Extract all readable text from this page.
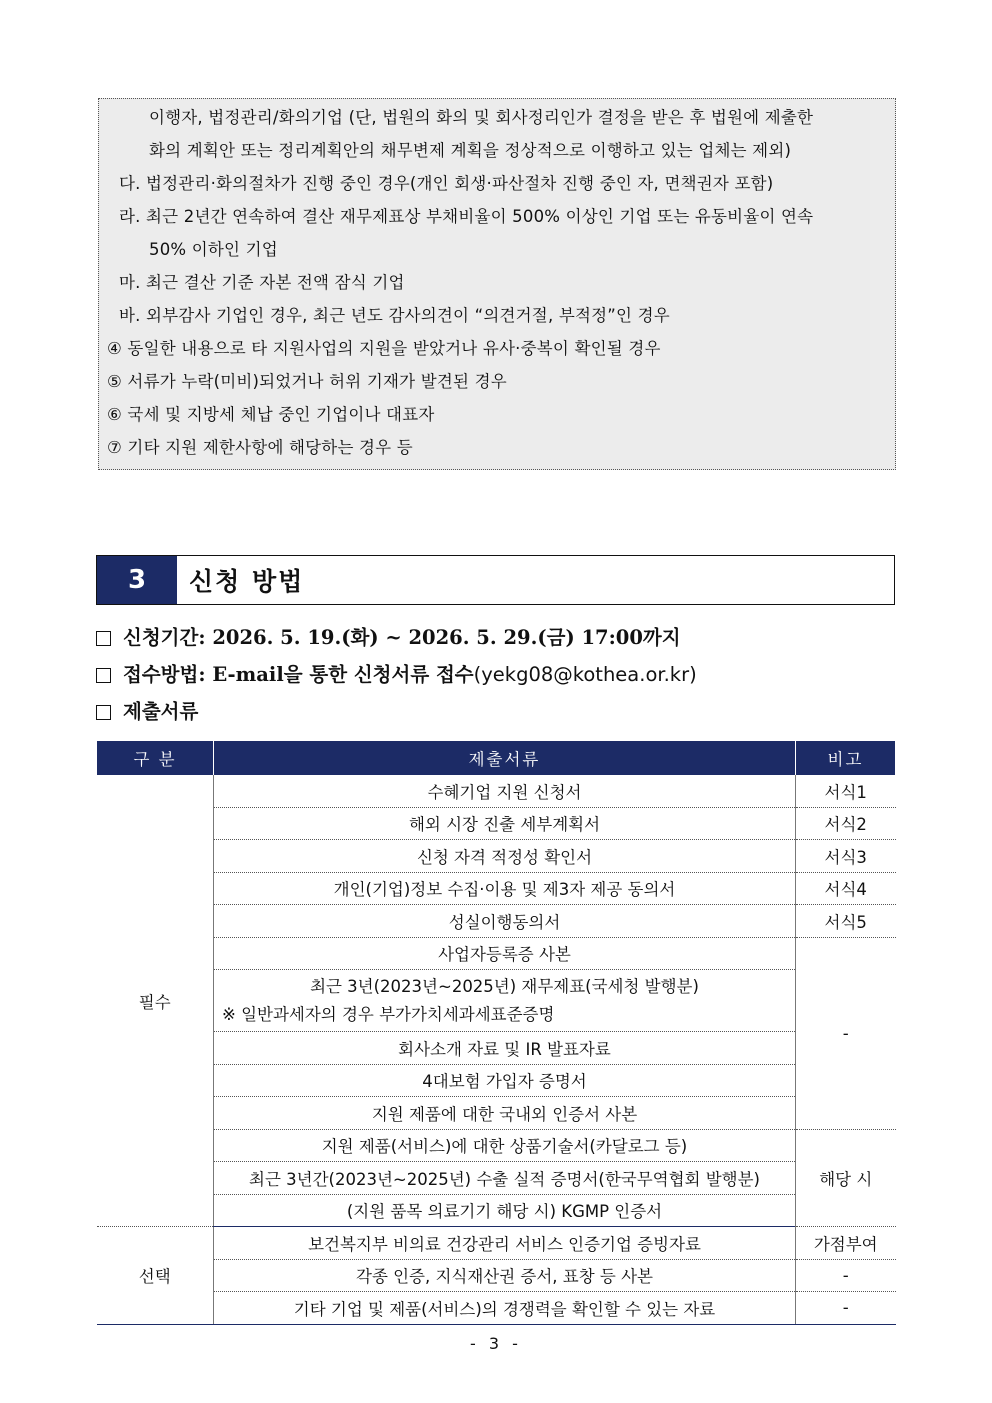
이행자, 법정관리/화의기업 (단, 법원의 화의 및 회사정리인가 결정을 받은 후 법원에 제출한
화의 계획안 또는 정리계획안의 채무변제 계획을 정상적으로 이행하고 있는 업체는 제외)
다. 법정관리·화의절차가 진행 중인 경우(개인 회생·파산절차 진행 중인 자, 면책권자 포함)
라. 최근 2년간 연속하여 결산 재무제표상 부채비율이 500% 이상인 기업 또는 유동비율이 연속
50% 이하인 기업
마. 최근 결산 기준 자본 전액 잠식 기업
바. 외부감사 기업인 경우, 최근 년도 감사의견이 “의견거절, 부적정”인 경우
④ 동일한 내용으로 타 지원사업의 지원을 받았거나 유사·중복이 확인될 경우
⑤ 서류가 누락(미비)되었거나 허위 기재가 발견된 경우
⑥ 국세 및 지방세 체납 중인 기업이나 대표자
⑦ 기타 지원 제한사항에 해당하는 경우 등
3	신청 방법
신청기간: 2026. 5. 19.(화) ~ 2026. 5. 29.(금) 17:00까지
접수방법: E-mail을 통한 신청서류 접수(yekg08@kothea.or.kr)
제출서류
구 분	제출서류	비고
필수	수혜기업 지원 신청서	서식1
	해외 시장 진출 세부계획서	서식2
	신청 자격 적정성 확인서	서식3
	개인(기업)정보 수집·이용 및 제3자 제공 동의서	서식4
	성실이행동의서	서식5
	사업자등록증 사본	-

	최근 3년(2023년~2025년) 재무제표(국세청 발행분)
※ 일반과세자의 경우 부가가치세과세표준증명	

	회사소개 자료 및 IR 발표자료	
	4대보험 가입자 증명서	
	지원 제품에 대한 국내외 인증서 사본	
	지원 제품(서비스)에 대한 상품기술서(카달로그 등)	해당 시
	최근 3년간(2023년~2025년) 수출 실적 증명서(한국무역협회 발행분)	
	(지원 품목 의료기기 해당 시) KGMP 인증서	
선택	보건복지부 비의료 건강관리 서비스 인증기업 증빙자료	가점부여
	각종 인증, 지식재산권 증서, 표창 등 사본	-
	기타 기업 및 제품(서비스)의 경쟁력을 확인할 수 있는 자료	-
- 3 -
